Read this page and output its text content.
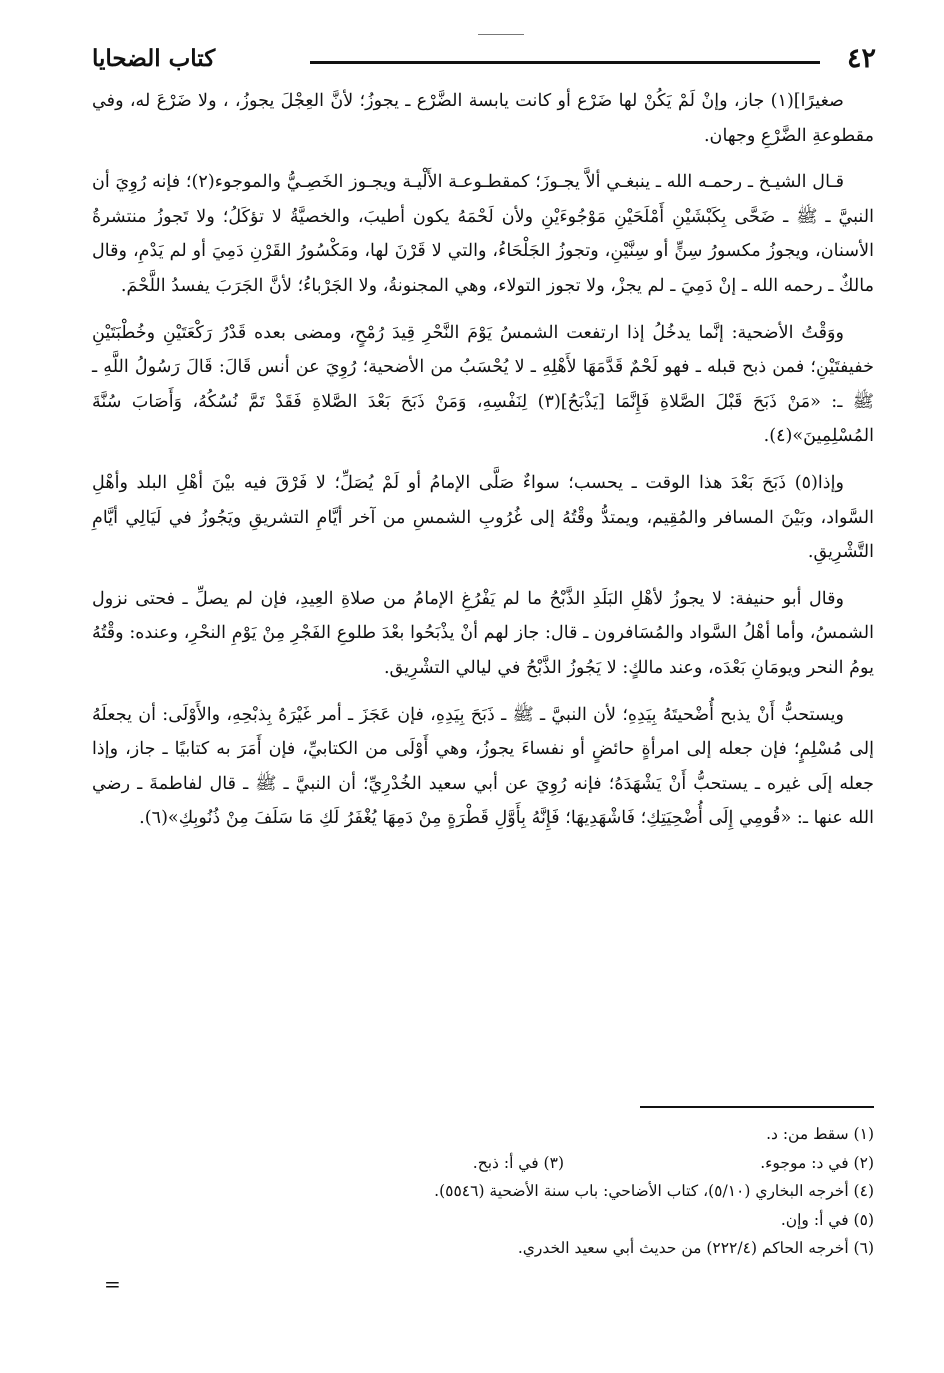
٤٢
كتاب الضحايا

صغيرًا](١) جاز، وإنْ لَمْ يَكُنْ لها ضَرْع أو كانت يابسة الضَّرْع ـ يجوزُ؛ لأنَّ العِجْلَ يجوزُ، ، ولا ضَرْعَ له، وفي مقطوعةِ الضَّرْعِ وجهان.

قـال الشيـخ ـ رحمـه الله ـ ينبغـي ألاَّ يجـوزَ؛ كمقطـوعـة الأَلْيـة ويجـوز الخَصِـيُّ والموجوء(٢)؛ فإنه رُوِيَ أن النبيَّ ـ ﷺ ـ ضَحَّى بِكَبْشَيْنِ أَمْلَحَيْنِ مَوْجُوءَيْنِ ولأن لَحْمَهُ يكون أطيبَ، والخصيَّةُ لا تؤكَلُ؛ ولا تَجوزُ منتشرةُ الأسنان، ويجوزُ مكسورُ سِنٍّ أو سِنَّيْنِ، وتجوزُ الجَلْحَاءُ، والتي لا قَرْنَ لها، ومَكْسُورُ القَرْنِ دَمِيَ أو لم يَدْمِ، وقال مالكٌ ـ رحمه الله ـ إنْ دَمِيَ ـ لم يجزْ، ولا تجوز التولاء، وهي المجنونةُ، ولا الجَرْباءُ؛ لأنَّ الجَرَبَ يفسدُ اللَّحْمَ.

ووَقْتُ الأضحية: إنَّما يدخُلُ إذا ارتفعت الشمسُ يَوْمَ النَّحْرِ قِيدَ رُمْحٍ، ومضى بعده قَدْرُ رَكْعَتَيْنِ وخُطْبَتَيْنِ خفيفتَيْنِ؛ فمن ذبح قبله ـ فهو لَحْمٌ قَدَّمَهَا لأَهْلِهِ ـ لا يُحْسَبُ من الأضحية؛ رُوِيَ عن أنس قَالَ: قَالَ رَسُولُ اللَّهِ ـ ﷺ ـ: «مَنْ ذَبَحَ قَبْلَ الصَّلاةِ فَإِنَّمَا [يَذْبَحُ](٣) لِنَفْسِهِ، وَمَنْ ذَبَحَ بَعْدَ الصَّلاةِ فَقَدْ تَمَّ نُسُكُهُ، وَأَصَابَ سُنَّةَ المُسْلِمِينَ»(٤).

وإذا(٥) ذَبَحَ بَعْدَ هذا الوقت ـ يحسب؛ سواءٌ صَلَّى الإمامُ أو لَمْ يُصَلِّ؛ لا فَرْقَ فيه بيْنَ أهْلِ البلد وأهْلِ السَّواد، وبَيْنَ المسافر والمُقِيم، ويمتدُّ وقْتُهُ إلى غُرُوبِ الشمسِ من آخر أيَّامِ التشريقِ ويَجُوزُ في لَيَالِي أيَّامِ التَّشْرِيقِ.

وقال أبو حنيفة: لا يجوزُ لأهْلِ البَلَدِ الذَّبْحُ ما لم يَفْرُغِ الإمامُ من صلاةِ العِيدِ، فإن لم يصلِّ ـ فحتى نزول الشمسُ، وأما أهْلُ السَّواد والمُسَافرون ـ قال: جاز لهم أنْ يذْبَحُوا بعْدَ طلوعِ الفَجْرِ مِنْ يَوْمِ النحْرِ، وعنده: وقْتُهُ يومُ النحر ويومَانِ بَعْدَه، وعند مالكٍ: لا يَجُوزُ الذَّبْحُ في ليالي التشْرِيق.

ويستحبُّ أَنْ يذبح أُضْحيتَهُ بِيَدِهِ؛ لأن النبيَّ ـ ﷺ ـ ذَبَحَ بِيَدِهِ، فإن عَجَزَ ـ أمر غَيْرَهُ بِذبْحِهِ، والأَوْلَى: أن يجعلَهُ إلى مُسْلِمٍ؛ فإن جعله إلى امرأةٍ حائضٍ أو نفساءَ يجوزُ، وهي أَوْلَى من الكتابيِّ، فإن أَمَرَ به كتابيًا ـ جاز، وإذا جعله إلَى غيره ـ يستحبُّ أَنْ يَشْهَدَهُ؛ فإنه رُوِيَ عن أبي سعيد الخُدْرِيِّ؛ أن النبيَّ ـ ﷺ ـ قال لفاطمةَ ـ رضي الله عنها ـ: «قُومِي إِلَى أُضْحِيَتِكِ؛ فَاشْهَدِيهَا؛ فَإِنَّهُ بِأَوَّلِ قَطْرَةٍ مِنْ دَمِهَا يُغْفَرُ لَكِ مَا سَلَفَ مِنْ ذُنُوبِكِ»(٦).

(١) سقط من: د.

(٢) في د: موجوء.

(٣) في أ: ذبح.

(٤) أخرجه البخاري (٥/١٠)، كتاب الأضاحي: باب سنة الأضحية (٥٥٤٦).

(٥) في أ: وإن.

(٦) أخرجه الحاكم (٢٢٢/٤) من حديث أبي سعيد الخدري.

=
